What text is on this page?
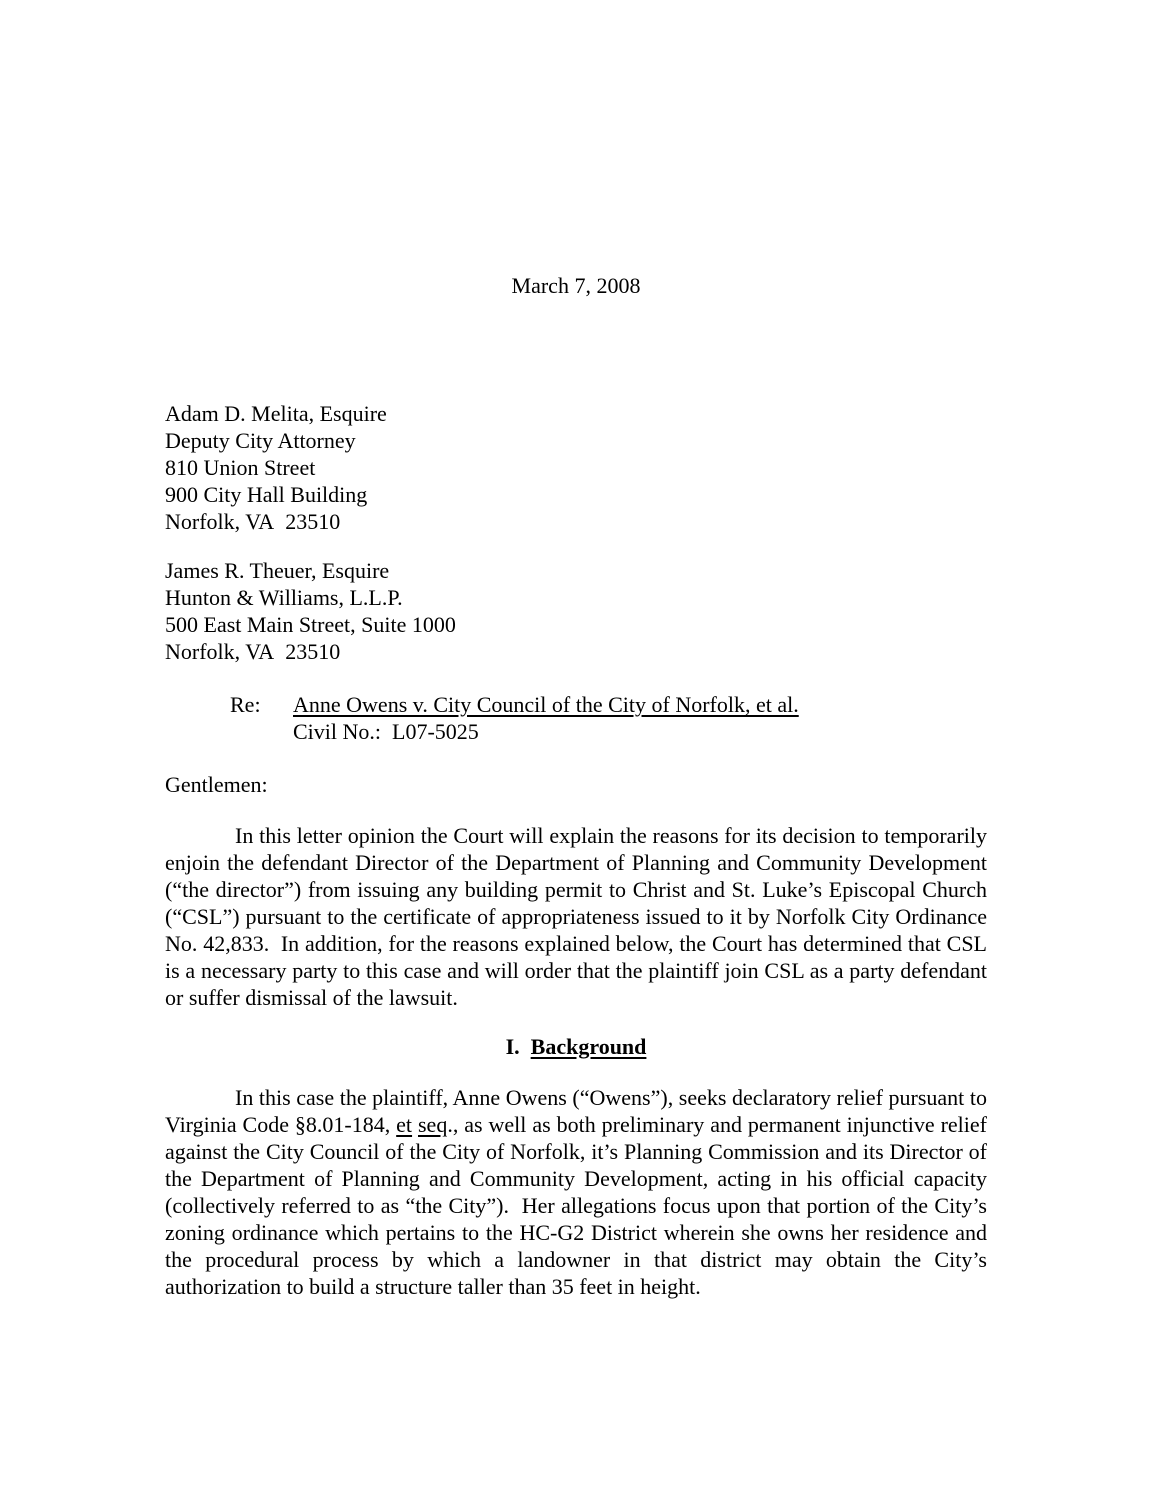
March 7, 2008
Adam D. Melita, Esquire
Deputy City Attorney
810 Union Street
900 City Hall Building
Norfolk, VA  23510
James R. Theuer, Esquire
Hunton & Williams, L.L.P.
500 East Main Street, Suite 1000
Norfolk, VA  23510
Re:	Anne Owens v. City Council of the City of Norfolk, et al.
Civil No.:  L07-5025
Gentlemen:

In this letter opinion the Court will explain the reasons for its decision to temporarily enjoin the defendant Director of the Department of Planning and Community Development (“the director”) from issuing any building permit to Christ and St. Luke’s Episcopal Church (“CSL”) pursuant to the certificate of appropriateness issued to it by Norfolk City Ordinance No. 42,833.  In addition, for the reasons explained below, the Court has determined that CSL is a necessary party to this case and will order that the plaintiff join CSL as a party defendant or suffer dismissal of the lawsuit.

I. Background

In this case the plaintiff, Anne Owens (“Owens”), seeks declaratory relief pursuant to Virginia Code §8.01-184, et seq., as well as both preliminary and permanent injunctive relief against the City Council of the City of Norfolk, it’s Planning Commission and its Director of the Department of Planning and Community Development, acting in his official capacity (collectively referred to as “the City”).  Her allegations focus upon that portion of the City’s zoning ordinance which pertains to the HC-G2 District wherein she owns her residence and the procedural process by which a landowner in that district may obtain the City’s authorization to build a structure taller than 35 feet in height.
